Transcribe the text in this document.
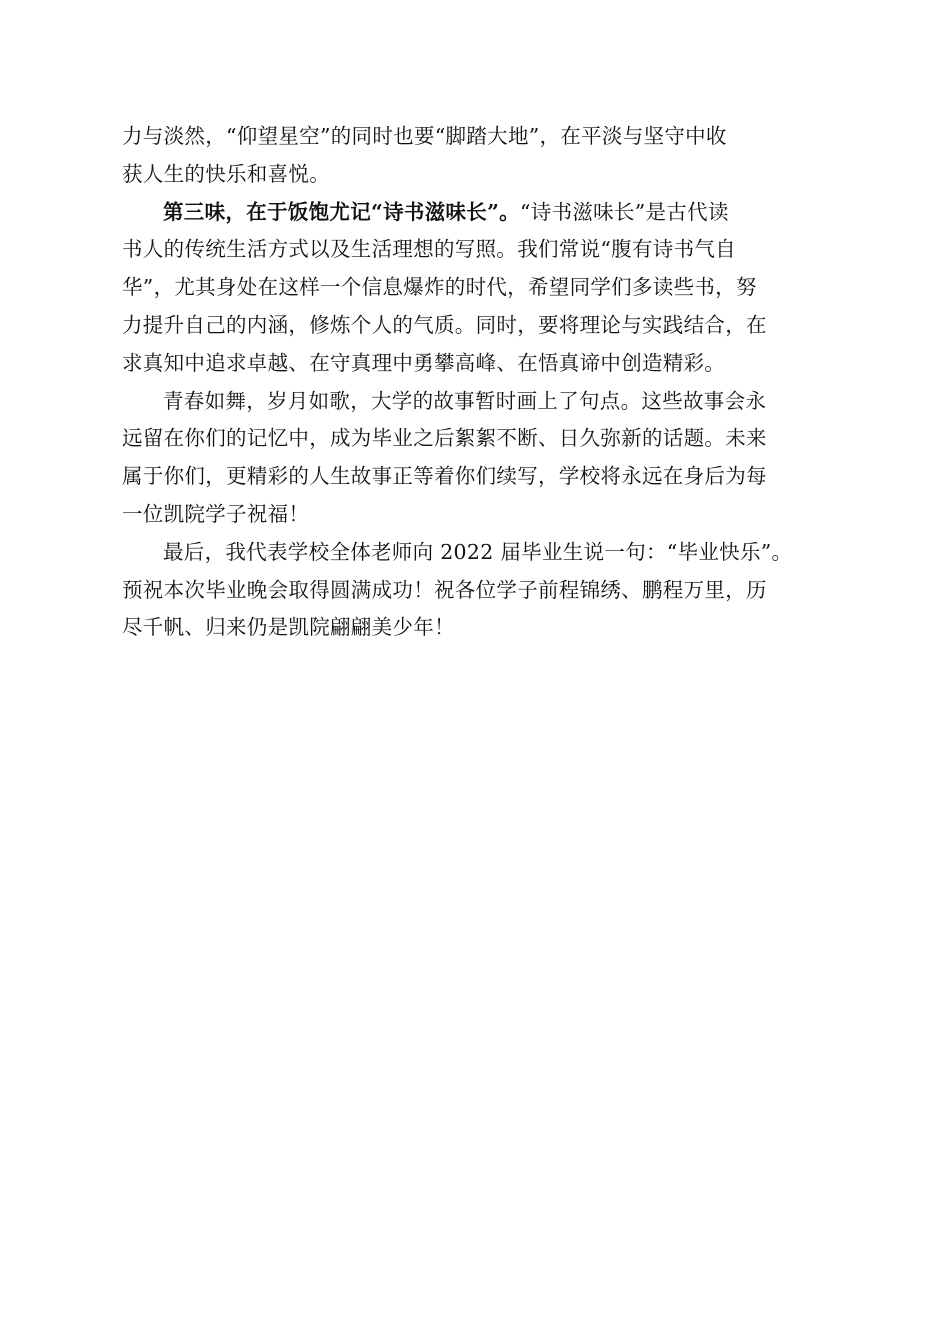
力与淡然，“仰望星空”的同时也要“脚踏大地”，在平淡与坚守中收
获人生的快乐和喜悦。
第三味，在于饭饱尤记“诗书滋味长”。“诗书滋味长”是古代读
书人的传统生活方式以及生活理想的写照。我们常说“腹有诗书气自
华”，尤其身处在这样一个信息爆炸的时代，希望同学们多读些书，努
力提升自己的内涵，修炼个人的气质。同时，要将理论与实践结合，在
求真知中追求卓越、在守真理中勇攀高峰、在悟真谛中创造精彩。
青春如舞，岁月如歌，大学的故事暂时画上了句点。这些故事会永
远留在你们的记忆中，成为毕业之后絮絮不断、日久弥新的话题。未来
属于你们，更精彩的人生故事正等着你们续写，学校将永远在身后为每
一位凯院学子祝福！
最后，我代表学校全体老师向 2022 届毕业生说一句：“毕业快乐”。
预祝本次毕业晚会取得圆满成功！祝各位学子前程锦绣、鹏程万里，历
尽千帆、归来仍是凯院翩翩美少年！
